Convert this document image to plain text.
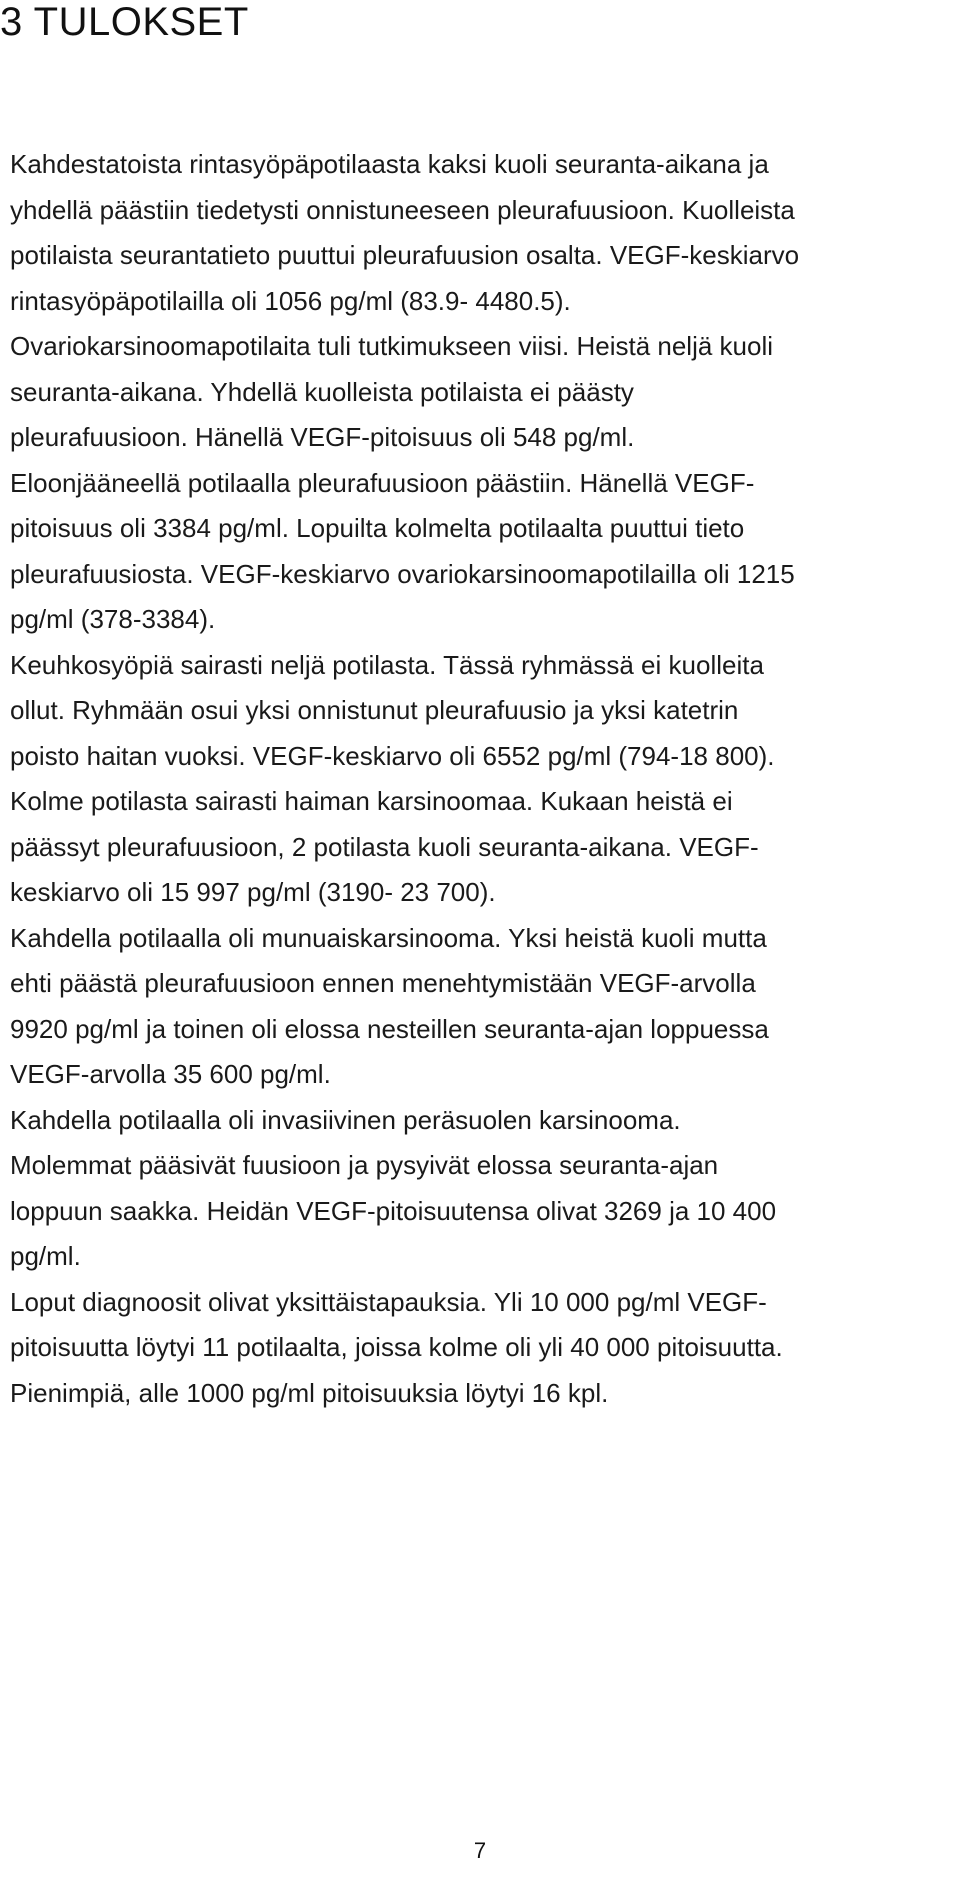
3 TULOKSET

Kahdestatoista rintasyöpäpotilaasta kaksi kuoli seuranta-aikana ja
yhdellä päästiin tiedetysti onnistuneeseen pleurafuusioon. Kuolleista
potilaista seurantatieto puuttui pleurafuusion osalta. VEGF-keskiarvo
rintasyöpäpotilailla oli 1056 pg/ml (83.9- 4480.5).

Ovariokarsinoomapotilaita tuli tutkimukseen viisi. Heistä neljä kuoli
seuranta-aikana. Yhdellä kuolleista potilaista ei päästy
pleurafuusioon. Hänellä VEGF-pitoisuus oli 548 pg/ml.
Eloonjääneellä potilaalla pleurafuusioon päästiin. Hänellä VEGF-
pitoisuus oli 3384 pg/ml. Lopuilta kolmelta potilaalta puuttui tieto
pleurafuusiosta. VEGF-keskiarvo ovariokarsinoomapotilailla oli 1215
pg/ml (378-3384).

Keuhkosyöpiä sairasti neljä potilasta. Tässä ryhmässä ei kuolleita
ollut. Ryhmään osui yksi onnistunut pleurafuusio ja yksi katetrin
poisto haitan vuoksi. VEGF-keskiarvo oli 6552 pg/ml (794-18 800).

Kolme potilasta sairasti haiman karsinoomaa. Kukaan heistä ei
päässyt pleurafuusioon, 2 potilasta kuoli seuranta-aikana. VEGF-
keskiarvo oli 15 997 pg/ml (3190- 23 700).

Kahdella potilaalla oli munuaiskarsinooma. Yksi heistä kuoli mutta
ehti päästä pleurafuusioon ennen menehtymistään VEGF-arvolla
9920 pg/ml ja toinen oli elossa nesteillen seuranta-ajan loppuessa
VEGF-arvolla 35 600 pg/ml.

Kahdella potilaalla oli invasiivinen peräsuolen karsinooma.
Molemmat pääsivät fuusioon ja pysyivät elossa seuranta-ajan
loppuun saakka. Heidän VEGF-pitoisuutensa olivat 3269 ja 10 400
pg/ml.

Loput diagnoosit olivat yksittäistapauksia. Yli 10 000 pg/ml VEGF-
pitoisuutta löytyi 11 potilaalta, joissa kolme oli yli 40 000 pitoisuutta.
Pienimpiä, alle 1000 pg/ml pitoisuuksia löytyi 16 kpl.

7
